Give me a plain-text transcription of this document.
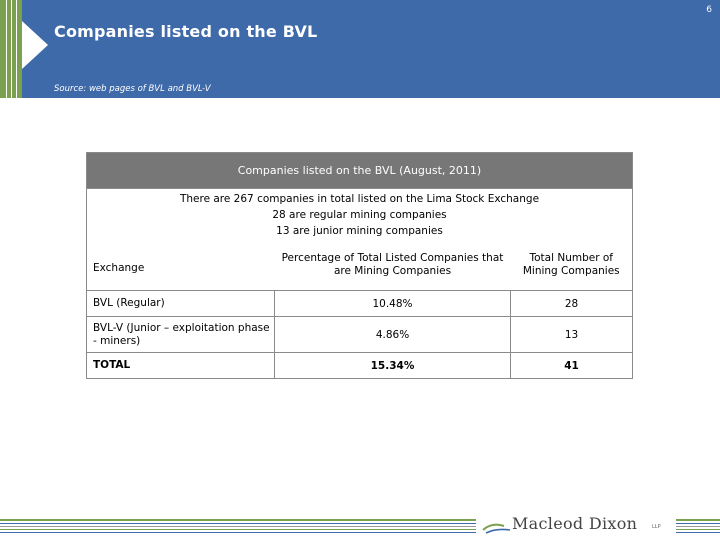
6
Companies listed on the BVL
Source: web pages of BVL and BVL-V
Companies listed on the BVL (August, 2011)		

There are 267 companies in total listed on the Lima Stock Exchange
28 are regular mining companies
13 are junior mining companies		

Exchange	Percentage of Total Listed Companies that are Mining Companies	Total Number of Mining Companies
BVL (Regular)	10.48%	28
BVL-V (Junior – exploitation phase - miners)	4.86%	13
TOTAL	15.34%	41
Macleod Dixon	LLP
